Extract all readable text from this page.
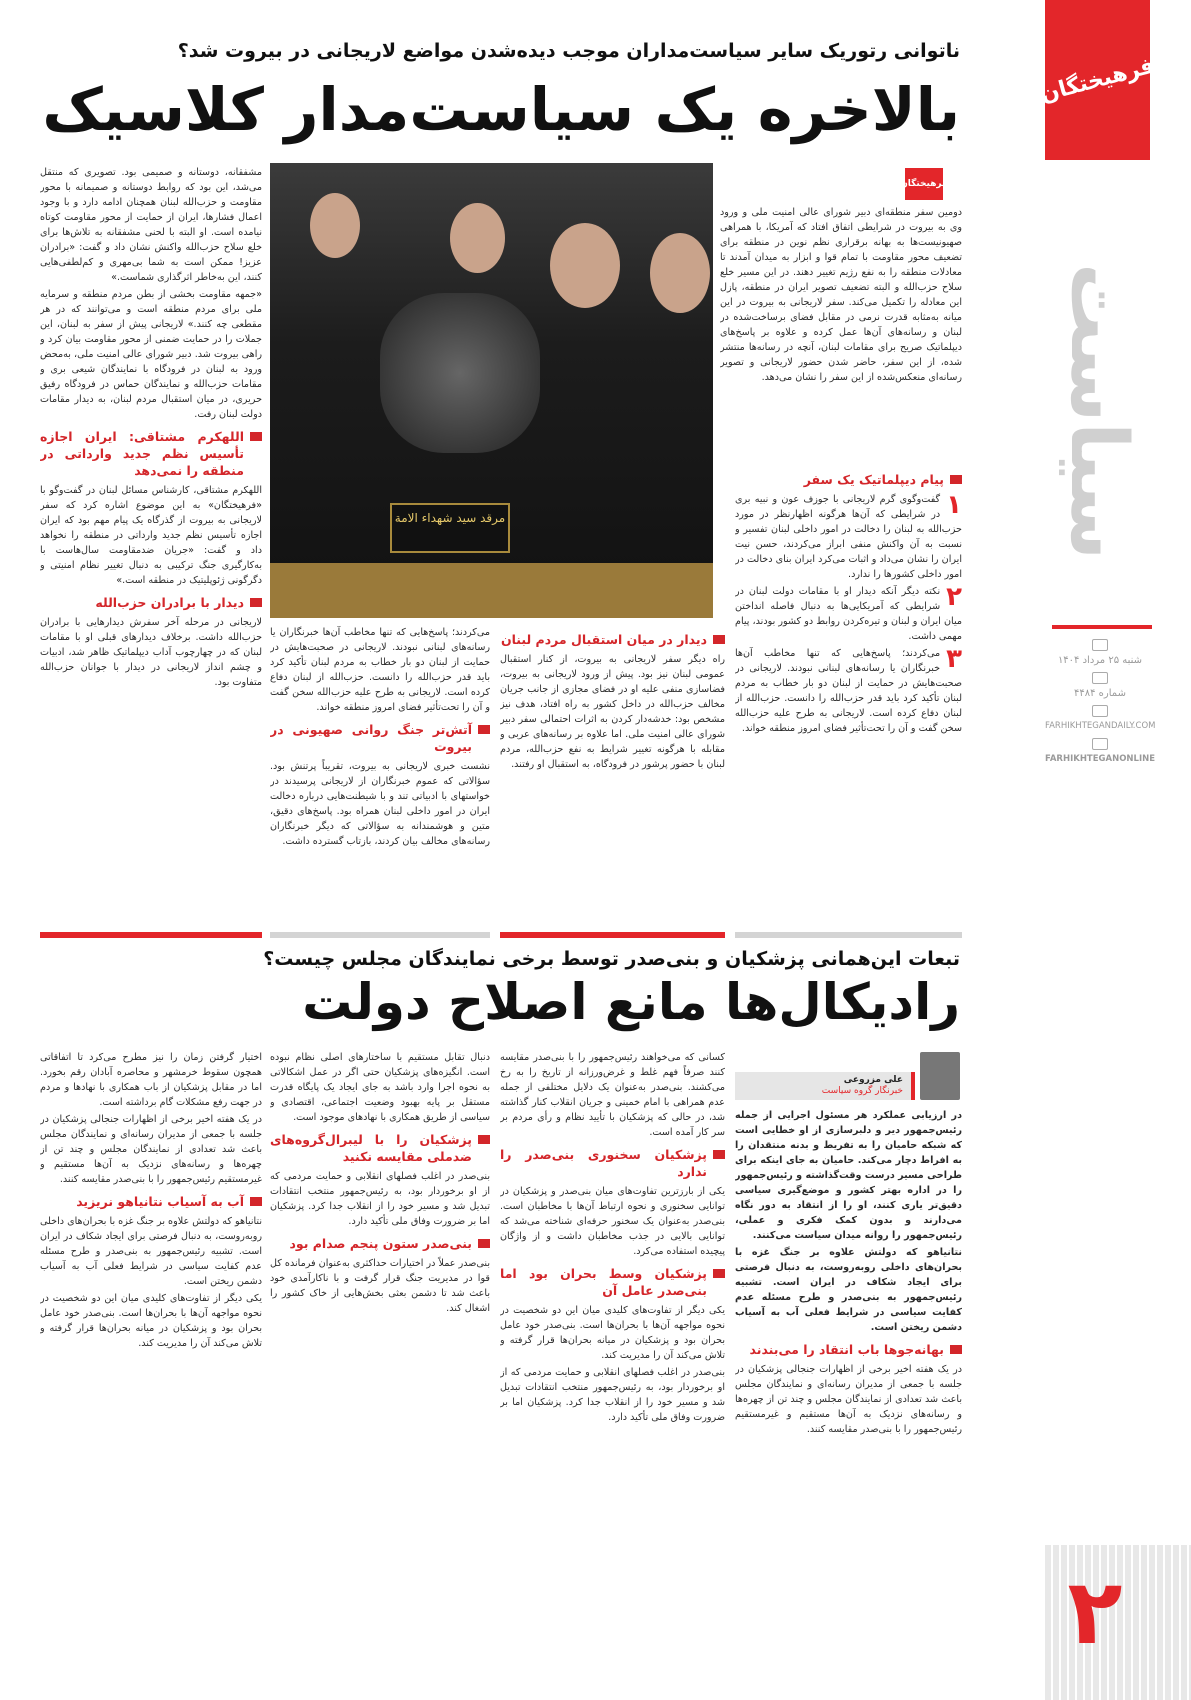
فرهیختگان
سیاست
شنبه ۲۵ مرداد ۱۴۰۴
شماره ۴۴۸۴
FARHIKHTEGANDAILY.COM
FARHIKHTEGANONLINE
۲
ناتوانی رتوریک سایر سیاست‌مداران موجب دیده‌شدن مواضع لاریجانی در بیروت شد؟
بالاخره یک سیاست‌مدار کلاسیک
مرقد سید شهداء الامة
فرهیختگان

دومین سفر منطقه‌ای دبیر شورای عالی امنیت ملی و ورود وی به بیروت در شرایطی اتفاق افتاد که آمریکا، با همراهی صهیونیست‌ها به بهانه برقراری نظم نوین در منطقه برای تضعیف محور مقاومت با تمام قوا و ابزار به میدان آمدند تا معادلات منطقه را به نفع رژیم تغییر دهند. در این مسیر خلع سلاح حزب‌الله و البته تضعیف تصویر ایران در منطقه، پازل این معادله را تکمیل می‌کند. سفر لاریجانی به بیروت در این میانه به‌مثابه قدرت نرمی در مقابل فضای برساخت‌شده در لبنان و رسانه‌های آن‌ها عمل کرده و علاوه بر پاسخ‌های دیپلماتیک صریح برای مقامات لبنان، آنچه در رسانه‌ها منتشر شده، از این سفر، حاضر شدن حضور لاریجانی و تصویر رسانه‌ای منعکس‌شده از این سفر را نشان می‌دهد.

پیام دیپلماتیک یک سفر

۱
گفت‌وگوی گرم لاریجانی با جوزف عون و نبیه بری در شرایطی که آن‌ها هرگونه اظهارنظر در مورد حزب‌الله به لبنان را دخالت در امور داخلی لبنان تفسیر و نسبت به آن واکنش منفی ابراز می‌کردند، حسن نیت ایران را نشان می‌داد و اثبات می‌کرد ایران بنای دخالت در امور داخلی کشورها را ندارد.

۲
نکته دیگر آنکه دیدار او با مقامات دولت لبنان در شرایطی که آمریکایی‌ها به دنبال فاصله انداختن میان ایران و لبنان و تیره‌کردن روابط دو کشور بودند، پیام مهمی داشت.

۳
می‌کردند؛ پاسخ‌هایی که تنها مخاطب آن‌ها خبرنگاران یا رسانه‌های لبنانی نبودند. لاریجانی در صحبت‌هایش در حمایت از لبنان دو بار خطاب به مردم لبنان تأکید کرد باید قدر حزب‌الله را دانست. حزب‌الله از لبنان دفاع کرده است. لاریجانی به طرح علیه حزب‌الله سخن گفت و آن را تحت‌تأثیر فضای امروز منطقه خواند.

دیدار در میان استقبال مردم لبنان

راه دیگر سفر لاریجانی به بیروت، از کنار استقبال عمومی لبنان نیز بود. پیش از ورود لاریجانی به بیروت، فضاسازی منفی علیه او در فضای مجازی از جانب جریان مخالف حزب‌الله در داخل کشور به راه افتاد، هدف نیز مشخص بود: خدشه‌دار کردن به اثرات احتمالی سفر دبیر شورای عالی امنیت ملی. اما علاوه بر رسانه‌های عربی و مقابله با هرگونه تغییر شرایط به نفع حزب‌الله، مردم لبنان با حضور پرشور در فرودگاه، به استقبال او رفتند.

می‌کردند؛ پاسخ‌هایی که تنها مخاطب آن‌ها خبرنگاران یا رسانه‌های لبنانی نبودند. لاریجانی در صحبت‌هایش در حمایت از لبنان دو بار خطاب به مردم لبنان تأکید کرد باید قدر حزب‌الله را دانست. حزب‌الله از لبنان دفاع کرده است. لاریجانی به طرح علیه حزب‌الله سخن گفت و آن را تحت‌تأثیر فضای امروز منطقه خواند.

آتش‌تر جنگ روانی صهیونی در بیروت

نشست خبری لاریجانی به بیروت، تقریباً پرتنش بود. سؤالاتی که عموم خبرنگاران از لاریجانی پرسیدند در خواستهای با ادبیاتی تند و با شیطنت‌هایی درباره دخالت ایران در امور داخلی لبنان همراه بود. پاسخ‌های دقیق، متین و هوشمندانه به سؤالاتی که دیگر خبرنگاران رسانه‌های مخالف بیان کردند، بازتاب گسترده داشت.

مشفقانه، دوستانه و صمیمی بود. تصویری که منتقل می‌شد، این بود که روابط دوستانه و صمیمانه با محور مقاومت و حزب‌الله لبنان همچنان ادامه دارد و با وجود اعمال فشارها، ایران از حمایت از محور مقاومت کوتاه نیامده است. او البته با لحنی مشفقانه به تلاش‌ها برای خلع سلاح حزب‌الله واکنش نشان داد و گفت: «برادران عزیز! ممکن است به شما بی‌مهری و کم‌لطفی‌هایی کنند، این به‌خاطر اثرگذاری شماست.»

«جمهه مقاومت بخشی از بطن مردم منطقه و سرمایه ملی برای مردم منطقه است و می‌توانند که در هر مقطعی چه کنند.» لاریجانی پیش از سفر به لبنان، این جملات را در حمایت ضمنی از محور مقاومت بیان کرد و راهی بیروت شد. دبیر شورای عالی امنیت ملی، به‌محض ورود به لبنان در فرودگاه با نمایندگان شیعی بری و مقامات حزب‌الله و نمایندگان حماس در فرودگاه رفیق حریری، در میان استقبال مردم لبنان، به دیدار مقامات دولت لبنان رفت.

اللهکرم مشتاقی: ایران اجازه تأسیس نظم جدید وارداتی در منطقه را نمی‌دهد

اللهکرم مشتاقی، کارشناس مسائل لبنان در گفت‌وگو با «فرهیختگان» به این موضوع اشاره کرد که سفر لاریجانی به بیروت از گذرگاه یک پیام مهم بود که ایران اجازه تأسیس نظم جدید وارداتی در منطقه را نخواهد داد و گفت: «جریان ضدمقاومت سال‌هاست با به‌کارگیری جنگ ترکیبی به دنبال تغییر نظام امنیتی و دگرگونی ژئوپلیتیک در منطقه است.»

دیدار با برادران حزب‌الله

لاریجانی در مرحله آخر سفرش دیدارهایی با برادران حزب‌الله داشت. برخلاف دیدارهای قبلی او با مقامات لبنان که در چهارچوب آداب دیپلماتیک ظاهر شد، ادبیات و چشم انداز لاریجانی در دیدار با جوانان حزب‌الله متفاوت بود.

تبعات این‌همانی پزشکیان و بنی‌صدر توسط برخی نمایندگان مجلس چیست؟
رادیکال‌ها مانع اصلاح دولت
علی مزروعی
خبرنگار گروه سیاست

در ارزیابی عملکرد هر مسئول اجرایی از جمله رئیس‌جمهور دیر و دلبرسازی از او خطایی است که شبکه حامیان را به تفریط و بدنه منتقدان را به افراط دچار می‌کند. حامیان به جای اینکه برای طراحی مسیر درست وقت‌گذاشته و رئیس‌جمهور را در اداره بهتر کشور و موضع‌گیری سیاسی دقیق‌تر یاری کنند، او را از انتقاد به دور نگاه می‌دارند و بدون کمک فکری و عملی، رئیس‌جمهور را روانه میدان‌ سیاست می‌کنند.

نتانیاهو که دولتش علاوه بر جنگ غزه با بحران‌های داخلی روبه‌روست، به دنبال فرصتی برای ایجاد شکاف در ایران است. تشبیه رئیس‌جمهور به بنی‌صدر و طرح مسئله عدم کفایت سیاسی در شرایط فعلی آب به آسیاب دشمن ریختن است.

بهانه‌جوها باب انتقاد را می‌بندند

در یک هفته اخیر برخی از اظهارات جنجالی پزشکیان در جلسه با جمعی از مدیران رسانه‌ای و نمایندگان مجلس باعث شد تعدادی از نمایندگان مجلس و چند تن از چهره‌ها و رسانه‌های نزدیک به آن‌ها مستقیم و غیرمستقیم رئیس‌جمهور را با بنی‌صدر مقایسه کنند.

کسانی که می‌خواهند رئیس‌جمهور را با بنی‌صدر مقایسه کنند صرفاً فهم غلط و غرض‌ورزانه از تاریخ را به رخ می‌کشند. بنی‌صدر به‌عنوان یک دلایل مختلفی از جمله عدم همراهی با امام خمینی و جریان انقلاب کنار گذاشته شد، در حالی که پزشکیان با تأیید نظام و رأی مردم بر سر کار آمده است.

پزشکیان سخنوری بنی‌صدر را ندارد

یکی از بارزترین تفاوت‌های میان بنی‌صدر و پزشکیان در توانایی سخنوری و نحوه ارتباط آن‌ها با مخاطبان است. بنی‌صدر به‌عنوان یک سخنور حرفه‌ای شناخته می‌شد که توانایی بالایی در جذب مخاطبان داشت و از واژگان پیچیده استفاده می‌کرد.

پزشکیان وسط بحران بود اما بنی‌صدر عامل آن

یکی دیگر از تفاوت‌های کلیدی میان این دو شخصیت در نحوه مواجهه آن‌ها با بحران‌ها است. بنی‌صدر خود عامل بحران بود و پزشکیان در میانه بحران‌ها قرار گرفته و تلاش می‌کند آن را مدیریت کند.

بنی‌صدر در اغلب فصلهای انقلابی و حمایت مردمی که از او برخوردار بود، به رئیس‌جمهور منتخب انتقادات تبدیل شد و مسیر خود را از انقلاب جدا کرد. پزشکیان اما بر ضرورت وفاق ملی تأکید دارد.

دنبال تقابل مستقیم با ساختارهای اصلی نظام نبوده است. انگیزه‌های پزشکیان حتی اگر در عمل اشکالاتی به نحوه اجرا وارد باشد به جای ایجاد یک پایگاه قدرت مستقل بر پایه بهبود وضعیت اجتماعی، اقتصادی و سیاسی از طریق همکاری با نهادهای موجود است.

پزشکیان را با لیبرال‌گروه‌های ضدملی مقایسه نکنید

بنی‌صدر در اغلب فصلهای انقلابی و حمایت مردمی که از او برخوردار بود، به رئیس‌جمهور منتخب انتقادات تبدیل شد و مسیر خود را از انقلاب جدا کرد. پزشکیان اما بر ضرورت وفاق ملی تأکید دارد.

بنی‌صدر ستون پنجم صدام بود

بنی‌صدر عملاً در اختیارات حداکثری به‌عنوان فرمانده کل قوا در مدیریت جنگ قرار گرفت و با ناکارآمدی خود باعث شد تا دشمن بعثی بخش‌هایی از خاک کشور را اشغال کند.

اختیار گرفتن زمان را نیز مطرح می‌کرد تا اتفاقاتی همچون سقوط خرمشهر و محاصره آبادان رقم بخورد. اما در مقابل پزشکیان از باب همکاری با نهادها و مردم در جهت رفع مشکلات گام برداشته است.

در یک هفته اخیر برخی از اظهارات جنجالی پزشکیان در جلسه با جمعی از مدیران رسانه‌ای و نمایندگان مجلس باعث شد تعدادی از نمایندگان مجلس و چند تن از چهره‌ها و رسانه‌های نزدیک به آن‌ها مستقیم و غیرمستقیم رئیس‌جمهور را با بنی‌صدر مقایسه کنند.

آب به آسیاب نتانیاهو نریزید

نتانیاهو که دولتش علاوه بر جنگ غزه با بحران‌های داخلی روبه‌روست، به دنبال فرصتی برای ایجاد شکاف در ایران است. تشبیه رئیس‌جمهور به بنی‌صدر و طرح مسئله عدم کفایت سیاسی در شرایط فعلی آب به آسیاب دشمن ریختن است.

یکی دیگر از تفاوت‌های کلیدی میان این دو شخصیت در نحوه مواجهه آن‌ها با بحران‌ها است. بنی‌صدر خود عامل بحران بود و پزشکیان در میانه بحران‌ها قرار گرفته و تلاش می‌کند آن را مدیریت کند.
